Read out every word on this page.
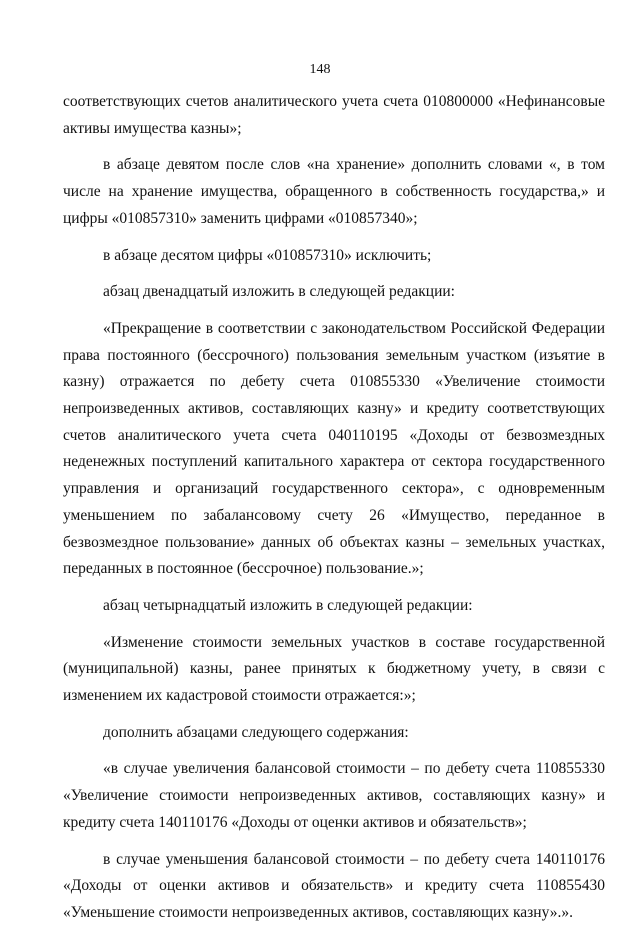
148

соответствующих счетов аналитического учета счета 010800000 «Нефинансовые активы имущества казны»;

в абзаце девятом после слов «на хранение» дополнить словами «, в том числе на хранение имущества, обращенного в собственность государства,» и цифры «010857310» заменить цифрами «010857340»;

в абзаце десятом цифры «010857310» исключить;

абзац двенадцатый изложить в следующей редакции:

«Прекращение в соответствии с законодательством Российской Федерации права постоянного (бессрочного) пользования земельным участком (изъятие в казну) отражается по дебету счета 010855330 «Увеличение стоимости непроизведенных активов, составляющих казну» и кредиту соответствующих счетов аналитического учета счета 040110195 «Доходы от безвозмездных неденежных поступлений капитального характера от сектора государственного управления и организаций государственного сектора», с одновременным уменьшением по забалансовому счету 26 «Имущество, переданное в безвозмездное пользование» данных об объектах казны – земельных участках, переданных в постоянное (бессрочное) пользование.»;

абзац четырнадцатый изложить в следующей редакции:

«Изменение стоимости земельных участков в составе государственной (муниципальной) казны, ранее принятых к бюджетному учету, в связи с изменением их кадастровой стоимости отражается:»;

дополнить абзацами следующего содержания:

«в случае увеличения балансовой стоимости – по дебету счета 110855330 «Увеличение стоимости непроизведенных активов, составляющих казну» и кредиту счета 140110176 «Доходы от оценки активов и обязательств»;

в случае уменьшения балансовой стоимости – по дебету счета 140110176 «Доходы от оценки активов и обязательств» и кредиту счета 110855430 «Уменьшение стоимости непроизведенных активов, составляющих казну».».
